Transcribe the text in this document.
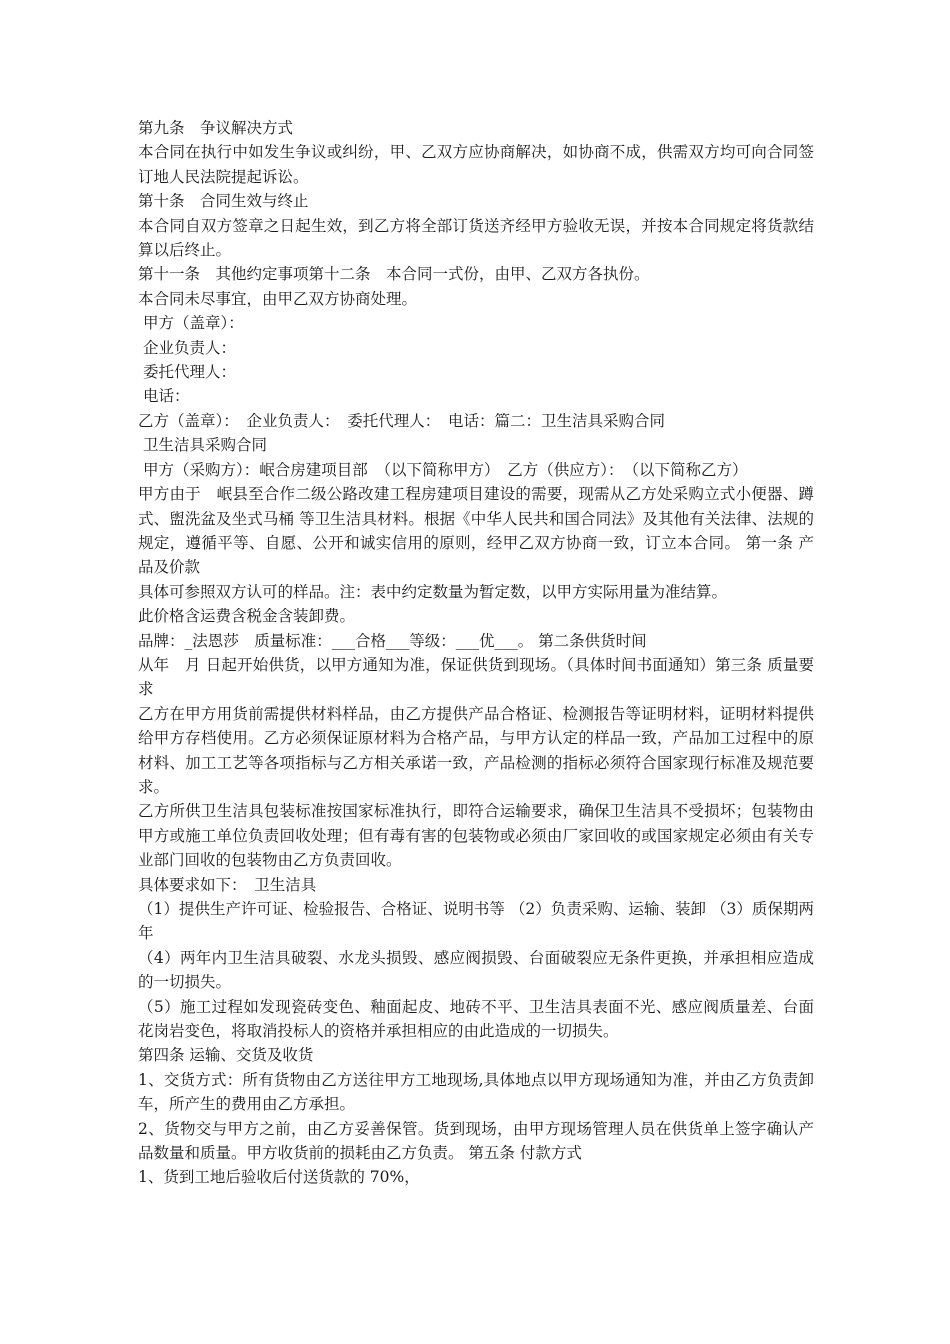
第九条　争议解决方式
本合同在执行中如发生争议或纠纷，甲、乙双方应协商解决，如协商不成，供需双方均可向合同签订地人民法院提起诉讼。
第十条　合同生效与终止
本合同自双方签章之日起生效，到乙方将全部订货送齐经甲方验收无误，并按本合同规定将货款结算以后终止。
第十一条　其他约定事项第十二条　本合同一式份，由甲、乙双方各执份。
本合同未尽事宜，由甲乙双方协商处理。
甲方（盖章）：
企业负责人：
委托代理人：
电话：
乙方（盖章）：　企业负责人：　委托代理人：　电话：篇二：卫生洁具采购合同
卫生洁具采购合同
甲方（采购方）：岷合房建项目部　（以下简称甲方）　乙方（供应方）：　（以下简称乙方）
甲方由于　岷县至合作二级公路改建工程房建项目建设的需要，现需从乙方处采购立式小便器、蹲式、盥洗盆及坐式马桶 等卫生洁具材料。根据《中华人民共和国合同法》及其他有关法律、法规的规定，遵循平等、自愿、公开和诚实信用的原则，经甲乙双方协商一致，订立本合同。 第一条 产品及价款
具体可参照双方认可的样品。注：表中约定数量为暂定数，以甲方实际用量为准结算。
此价格含运费含税金含装卸费。
品牌：_法恩莎　质量标准：___合格___等级：___优___。 第二条供货时间
从年　月 日起开始供货，以甲方通知为准，保证供货到现场。（具体时间书面通知）第三条 质量要求
乙方在甲方用货前需提供材料样品，由乙方提供产品合格证、检测报告等证明材料，证明材料提供给甲方存档使用。乙方必须保证原材料为合格产品，与甲方认定的样品一致，产品加工过程中的原材料、加工工艺等各项指标与乙方相关承诺一致，产品检测的指标必须符合国家现行标准及规范要求。
乙方所供卫生洁具包装标准按国家标准执行，即符合运输要求，确保卫生洁具不受损坏；包装物由甲方或施工单位负责回收处理；但有毒有害的包装物或必须由厂家回收的或国家规定必须由有关专业部门回收的包装物由乙方负责回收。
具体要求如下：　卫生洁具
（1）提供生产许可证、检验报告、合格证、说明书等 （2）负责采购、运输、装卸 （3）质保期两年
（4）两年内卫生洁具破裂、水龙头损毁、感应阀损毁、台面破裂应无条件更换，并承担相应造成的一切损失。
（5）施工过程如发现瓷砖变色、釉面起皮、地砖不平、卫生洁具表面不光、感应阀质量差、台面花岗岩变色，将取消投标人的资格并承担相应的由此造成的一切损失。
第四条 运输、交货及收货
1、交货方式：所有货物由乙方送往甲方工地现场,具体地点以甲方现场通知为准，并由乙方负责卸车，所产生的费用由乙方承担。
2、货物交与甲方之前，由乙方妥善保管。货到现场，由甲方现场管理人员在供货单上签字确认产品数量和质量。甲方收货前的损耗由乙方负责。 第五条 付款方式
1、货到工地后验收后付送货款的 70%，
